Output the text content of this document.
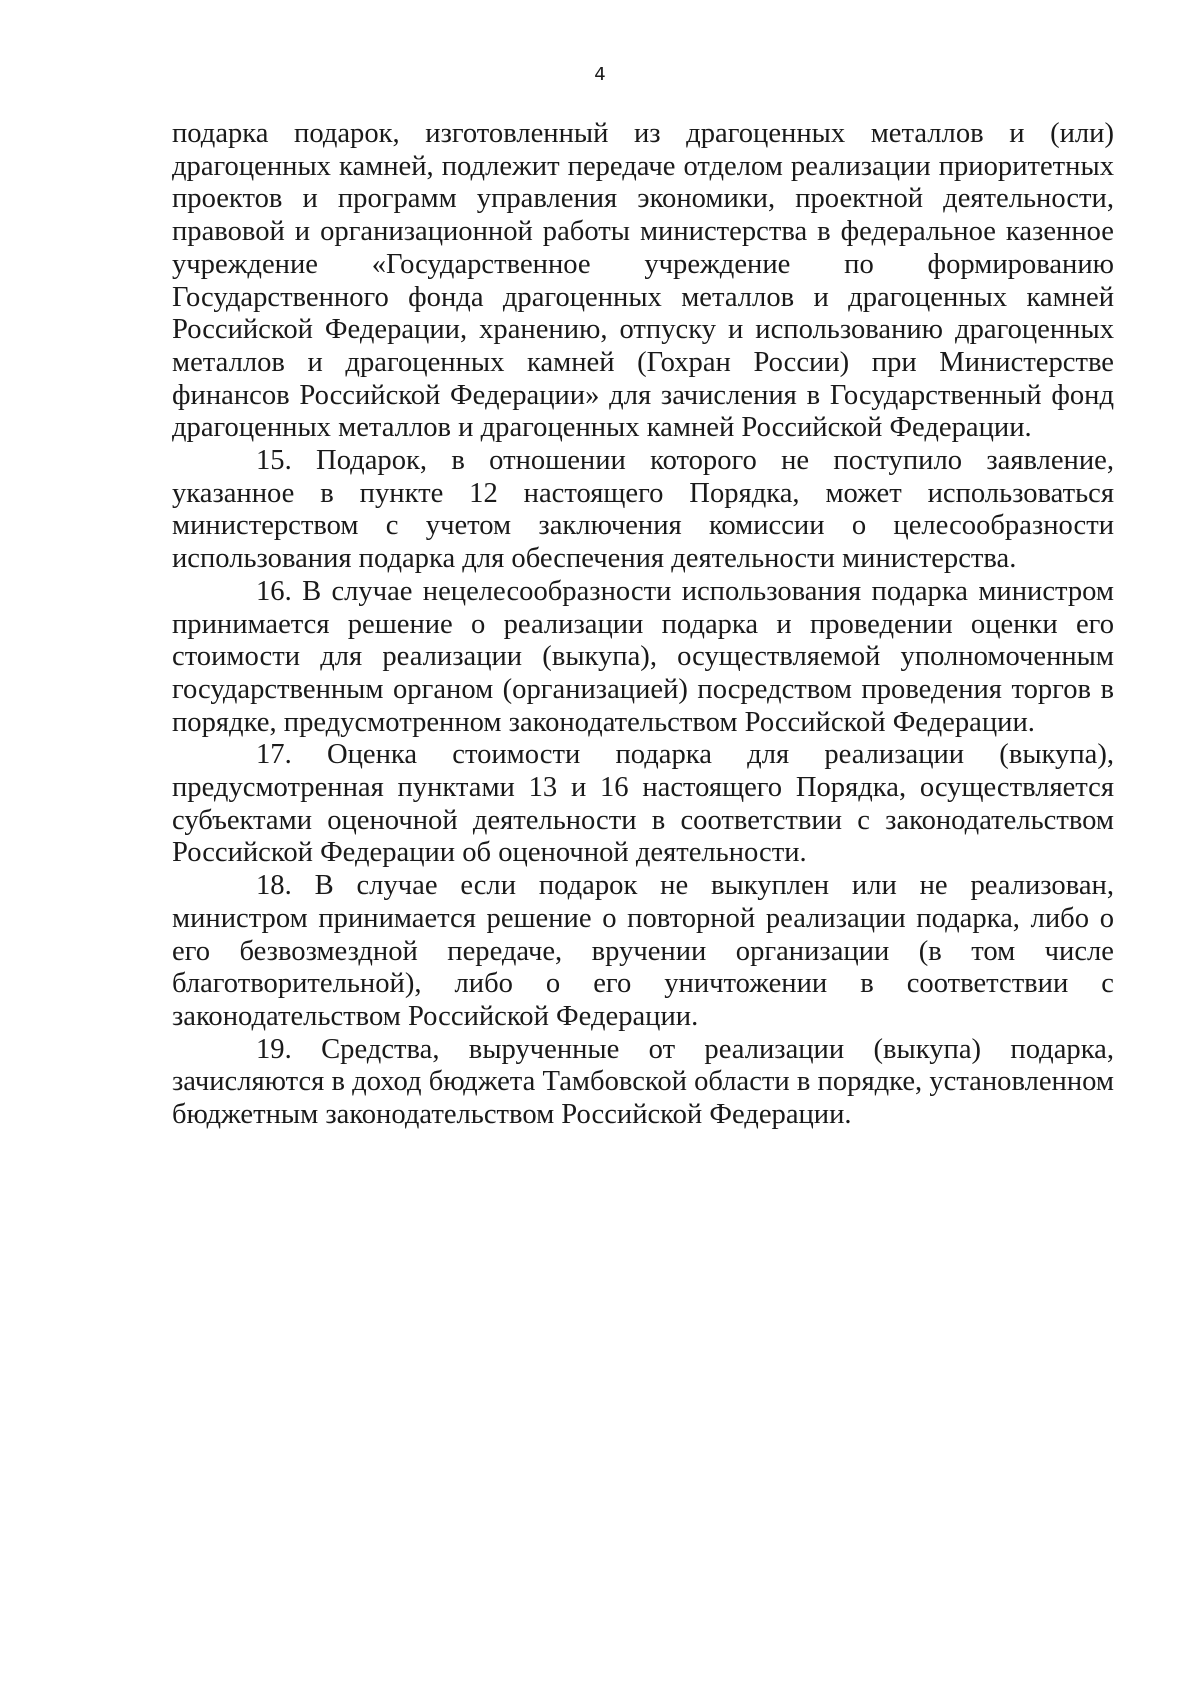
4

подарка подарок, изготовленный из драгоценных металлов и (или) драгоценных камней, подлежит передаче отделом реализации приоритетных проектов и программ управления экономики, проектной деятельности, правовой и организационной работы министерства в федеральное казенное учреждение «Государственное учреждение по формированию Государственного фонда драгоценных металлов и драгоценных камней Российской Федерации, хранению, отпуску и использованию драгоценных металлов и драгоценных камней (Гохран России) при Министерстве финансов Российской Федерации» для зачисления в Государственный фонд драгоценных металлов и драгоценных камней Российской Федерации.

15. Подарок, в отношении которого не поступило заявление, указанное в пункте 12 настоящего Порядка, может использоваться министерством с учетом заключения комиссии о целесообразности использования подарка для обеспечения деятельности министерства.

16. В случае нецелесообразности использования подарка министром принимается решение о реализации подарка и проведении оценки его стоимости для реализации (выкупа), осуществляемой уполномоченным государственным органом (организацией) посредством проведения торгов в порядке, предусмотренном законодательством Российской Федерации.

17. Оценка стоимости подарка для реализации (выкупа), предусмотренная пунктами 13 и 16 настоящего Порядка, осуществляется субъектами оценочной деятельности в соответствии с законодательством Российской Федерации об оценочной деятельности.

18. В случае если подарок не выкуплен или не реализован, министром принимается решение о повторной реализации подарка, либо о его безвозмездной передаче, вручении организации (в том числе благотворительной), либо о его уничтожении в соответствии с законодательством Российской Федерации.

19. Средства, вырученные от реализации (выкупа) подарка, зачисляются в доход бюджета Тамбовской области в порядке, установленном бюджетным законодательством Российской Федерации.
